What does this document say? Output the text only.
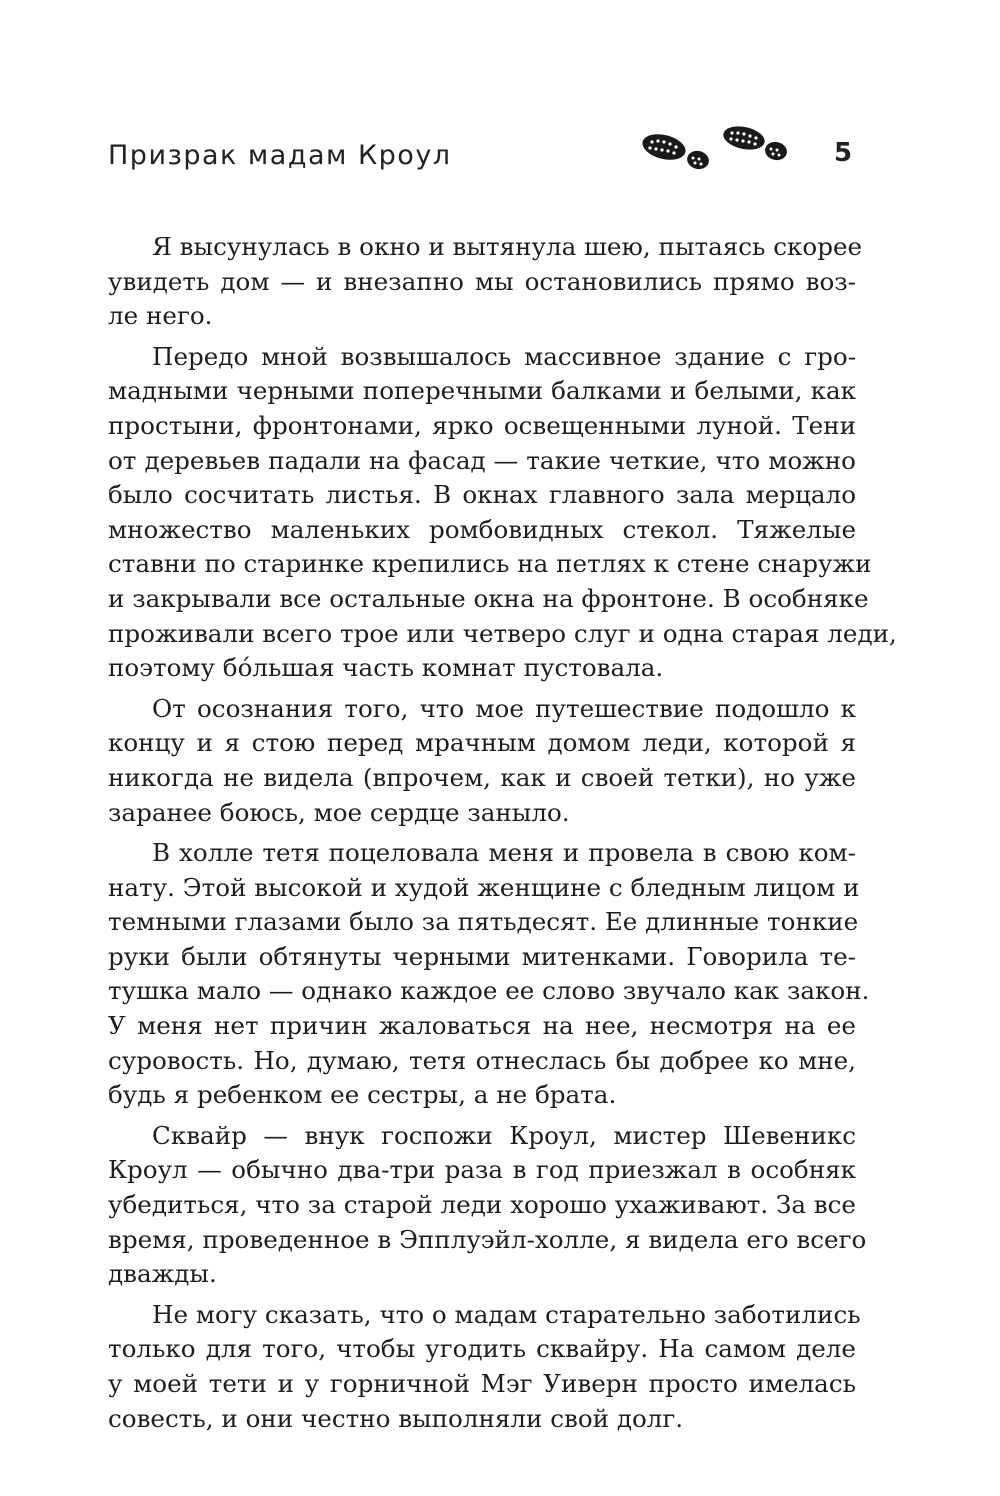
Призрак мадам Кроул	5
Я высунулась в окно и вытянула шею, пытаясь скорее
увидеть дом — и внезапно мы остановились прямо воз-
ле него.
Передо мной возвышалось массивное здание с гро-
мадными черными поперечными балками и белыми, как
простыни, фронтонами, ярко освещенными луной. Тени
от деревьев падали на фасад — такие четкие, что можно
было сосчитать листья. В окнах главного зала мерцало
множество маленьких ромбовидных стекол. Тяжелые
ставни по старинке крепились на петлях к стене снаружи
и закрывали все остальные окна на фронтоне. В особняке
проживали всего трое или четверо слуг и одна старая леди,
поэтому бóльшая часть комнат пустовала.
От осознания того, что мое путешествие подошло к
концу и я стою перед мрачным домом леди, которой я
никогда не видела (впрочем, как и своей тетки), но уже
заранее боюсь, мое сердце заныло.
В холле тетя поцеловала меня и провела в свою ком-
нату. Этой высокой и худой женщине с бледным лицом и
темными глазами было за пятьдесят. Ее длинные тонкие
руки были обтянуты черными митенками. Говорила те-
тушка мало — однако каждое ее слово звучало как закон.
У меня нет причин жаловаться на нее, несмотря на ее
суровость. Но, думаю, тетя отнеслась бы добрее ко мне,
будь я ребенком ее сестры, а не брата.
Сквайр — внук госпожи Кроул, мистер Шевеникс
Кроул — обычно два-три раза в год приезжал в особняк
убедиться, что за старой леди хорошо ухаживают. За все
время, проведенное в Эпплуэйл-холле, я видела его всего
дважды.
Не могу сказать, что о мадам старательно заботились
только для того, чтобы угодить сквайру. На самом деле
у моей тети и у горничной Мэг Уиверн просто имелась
совесть, и они честно выполняли свой долг.
